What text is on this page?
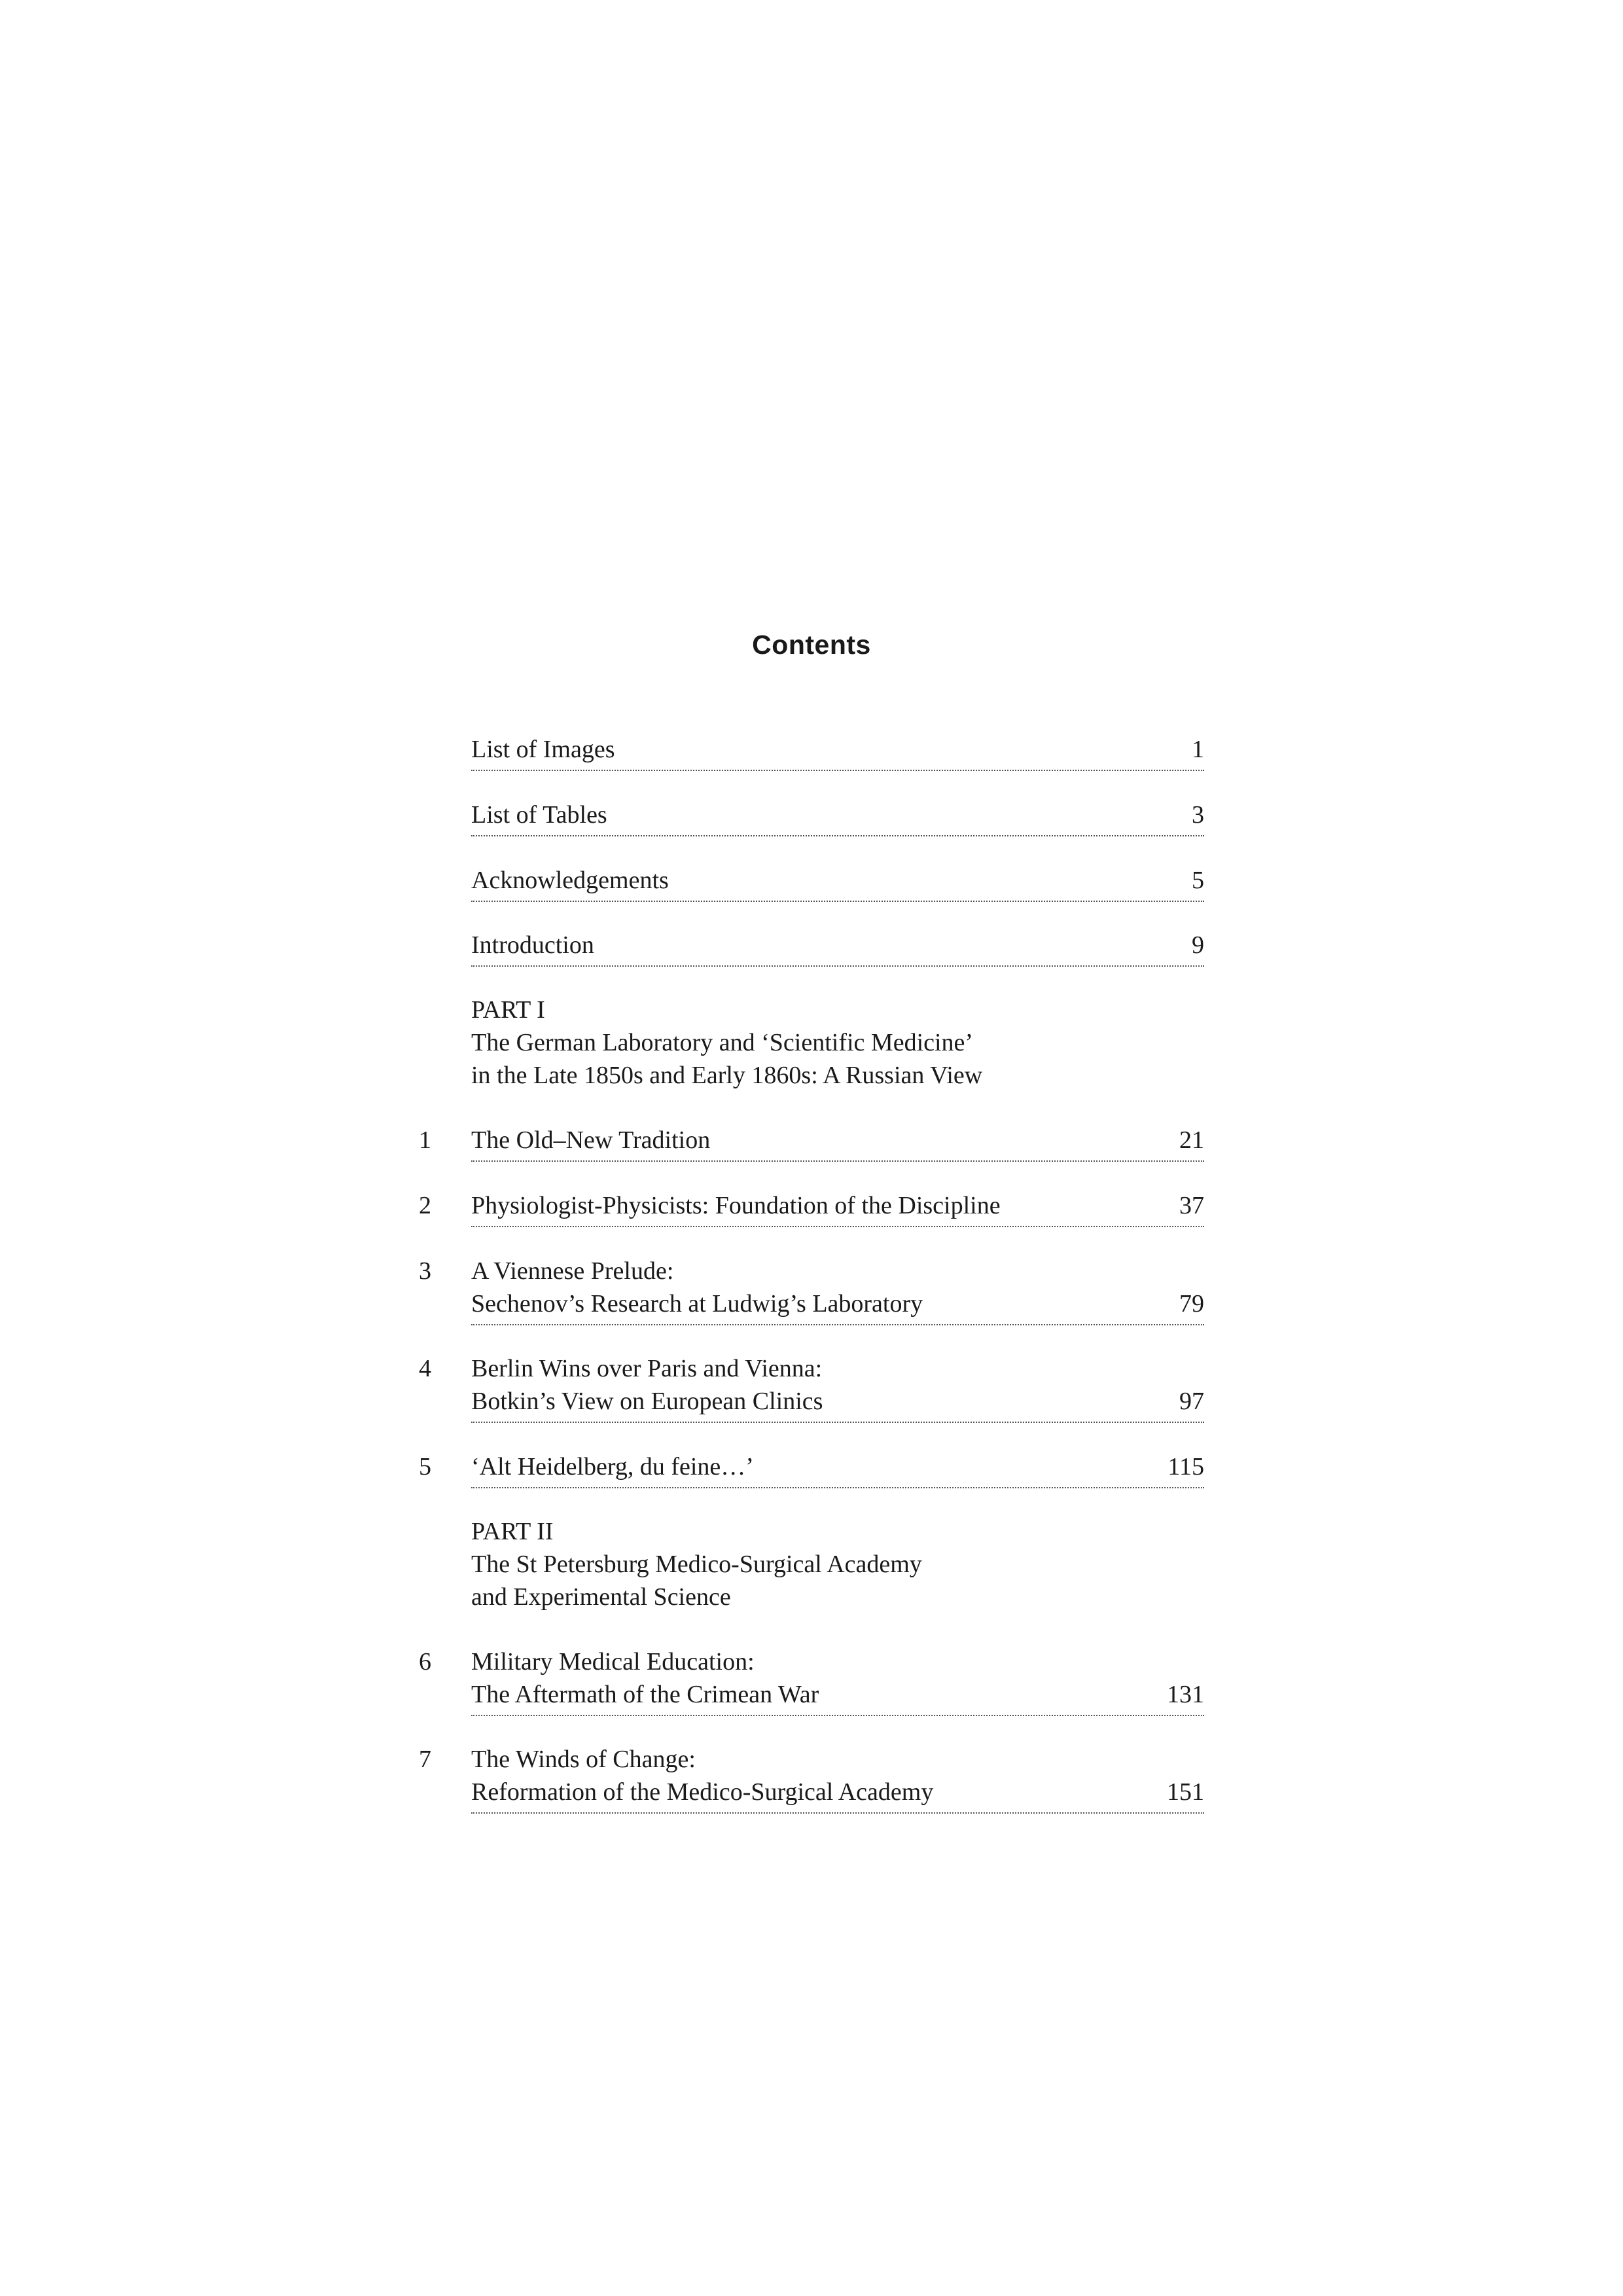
Contents
List of Images	1
List of Tables	3
Acknowledgements	5
Introduction	9
PART I
The German Laboratory and ‘Scientific Medicine’
in the Late 1850s and Early 1860s: A Russian View
1	The Old–New Tradition	21
2	Physiologist-Physicists: Foundation of the Discipline	37
3	A Viennese Prelude:
Sechenov’s Research at Ludwig’s Laboratory	79
4	Berlin Wins over Paris and Vienna:
Botkin’s View on European Clinics	97
5	‘Alt Heidelberg, du feine…’	115
PART II
The St Petersburg Medico-Surgical Academy
and Experimental Science
6	Military Medical Education:
The Aftermath of the Crimean War	131
7	The Winds of Change:
Reformation of the Medico-Surgical Academy	151
